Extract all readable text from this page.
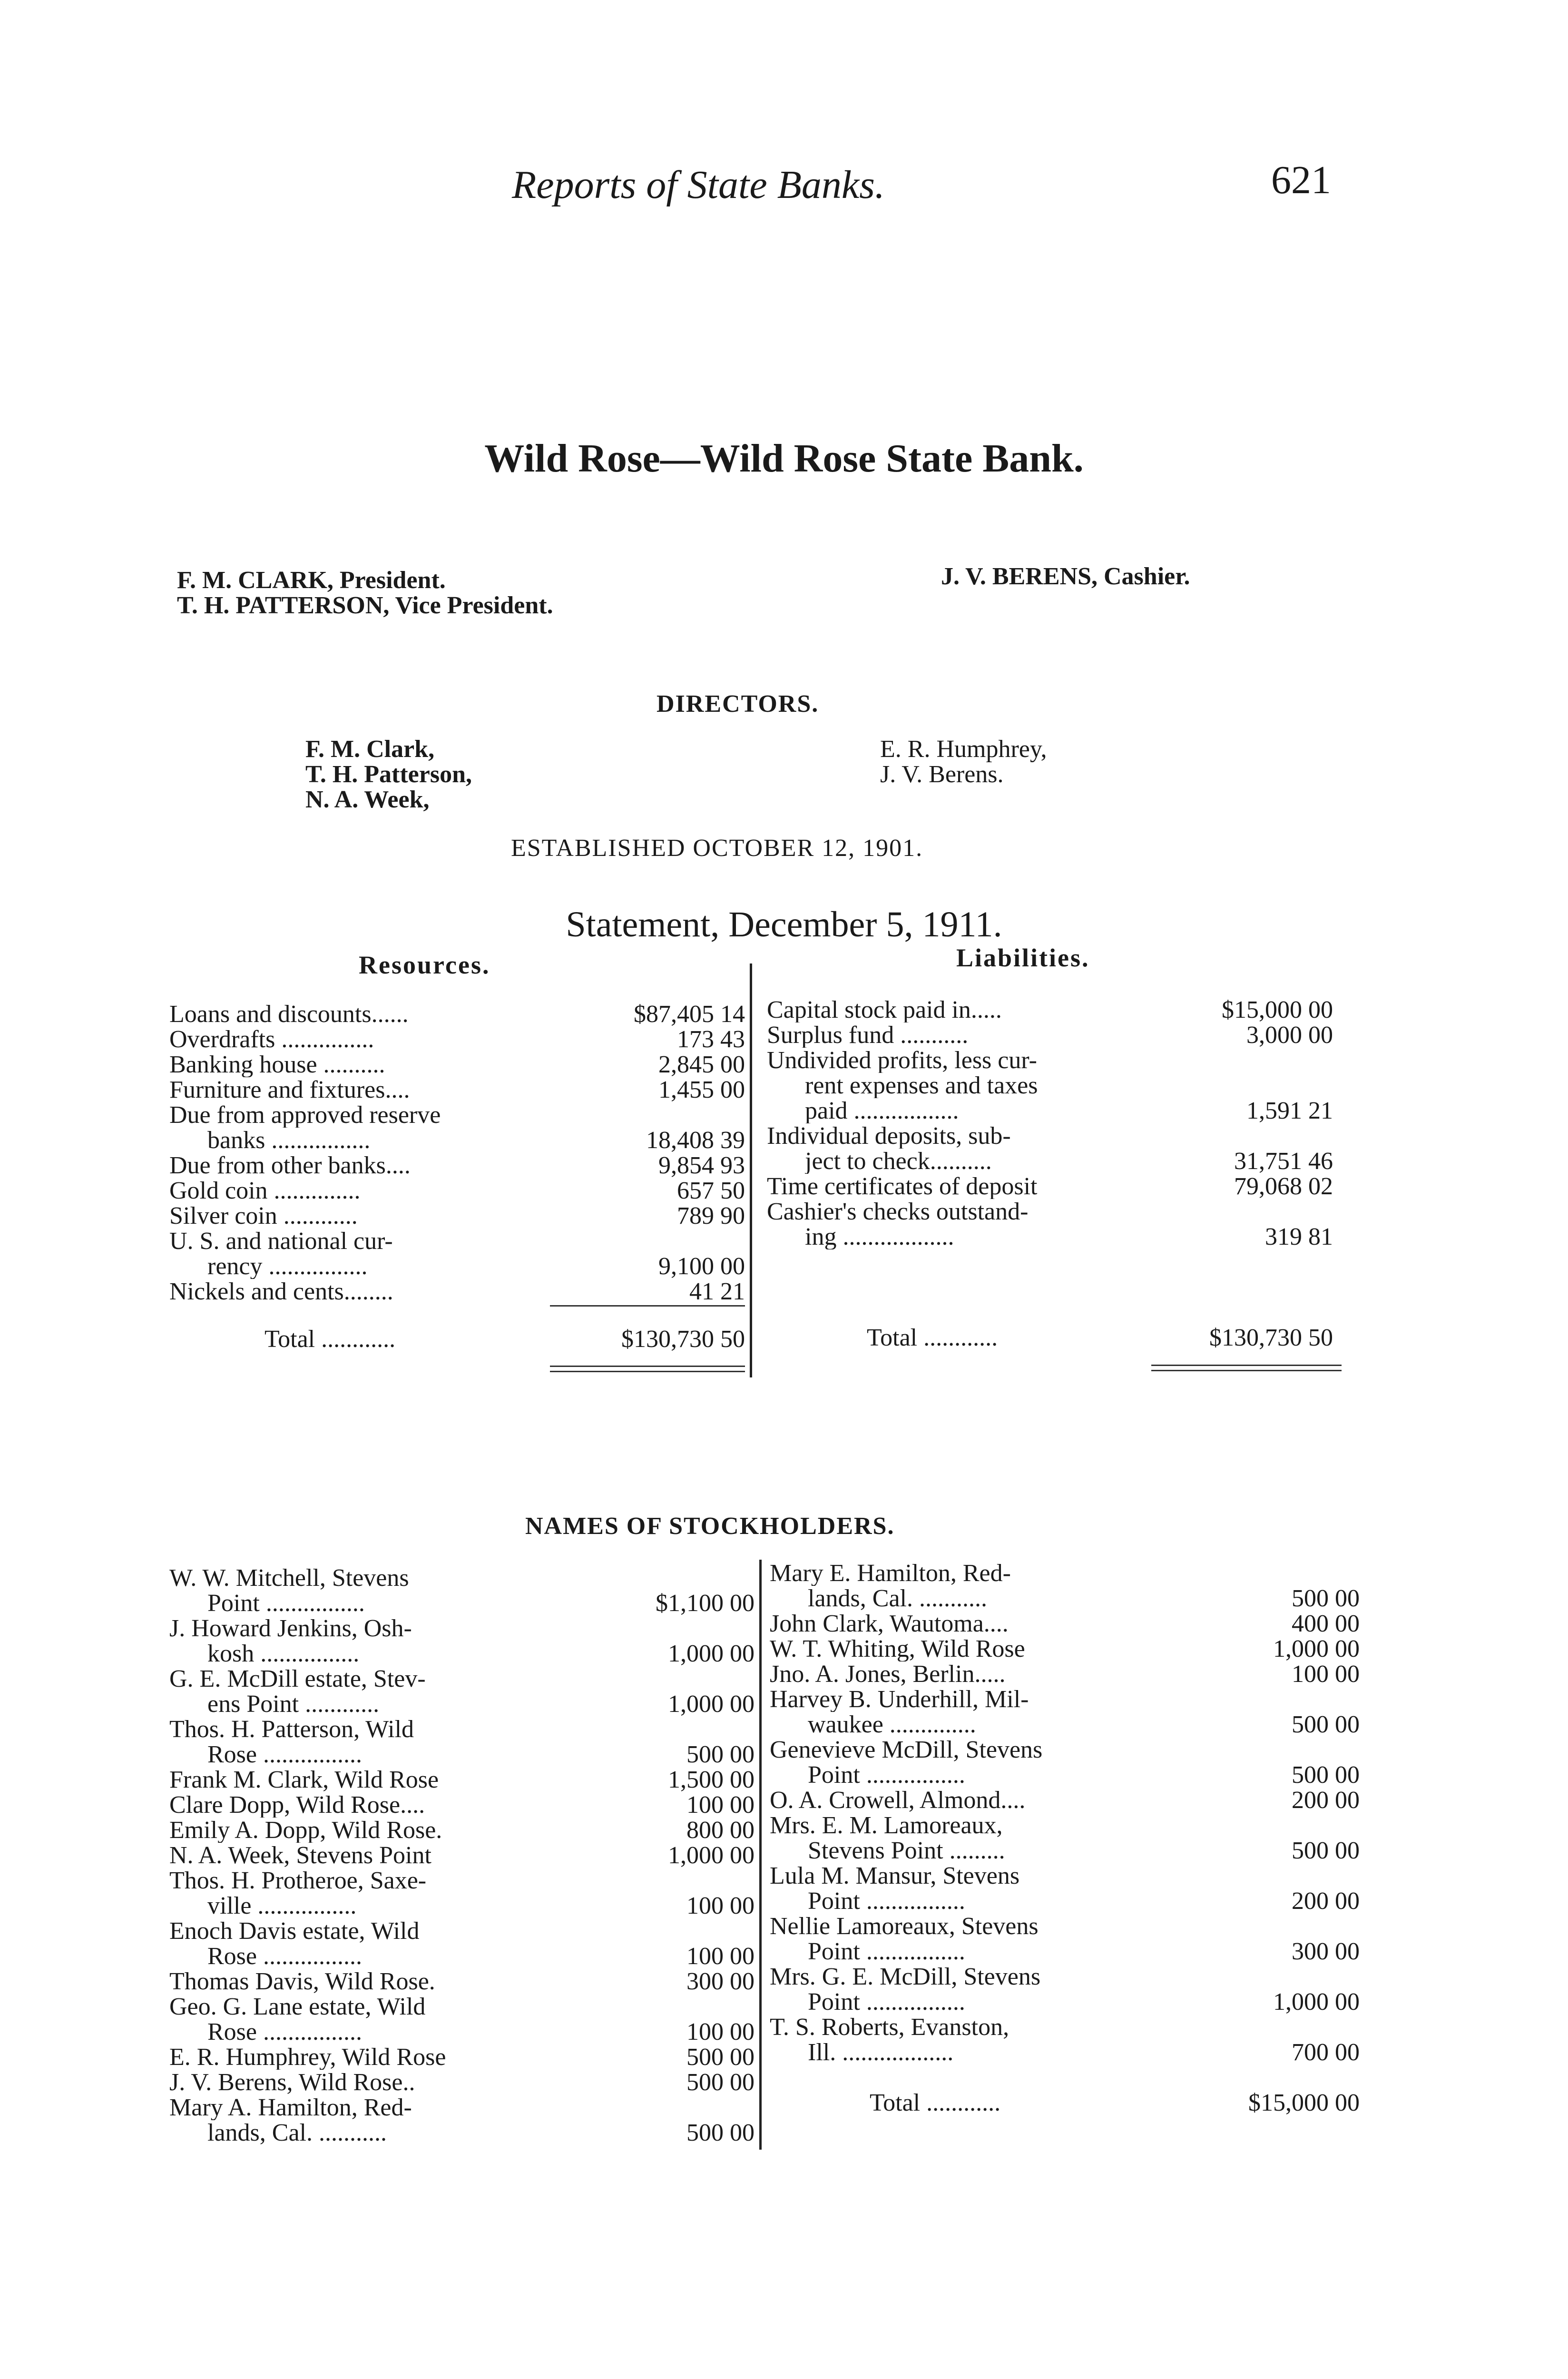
Reports of State Banks.	621
Wild Rose—Wild Rose State Bank.
F. M. CLARK, President.
T. H. PATTERSON, Vice President.
J. V. BERENS, Cashier.
DIRECTORS.
F. M. Clark,
T. H. Patterson,
N. A. Week,
E. R. Humphrey,
J. V. Berens.
ESTABLISHED OCTOBER 12, 1901.
Statement, December 5, 1911.
Resources.	Liabilities.
Loans and discounts......	$87,405 14
Overdrafts ...............	173 43
Banking house ..........	2,845 00
Furniture and fixtures....	1,455 00
Due from approved reserve
banks ................	18,408 39
Due from other banks....	9,854 93
Gold coin ..............	657 50
Silver coin ............	789 90
U. S. and national cur-
rency ................	9,100 00
Nickels and cents........	41 21
Total ............	$130,730 50
Capital stock paid in.....	$15,000 00
Surplus fund ...........	3,000 00
Undivided profits, less cur-
rent expenses and taxes
paid .................	1,591 21
Individual deposits, sub-
ject to check..........	31,751 46
Time certificates of deposit	79,068 02
Cashier's checks outstand-
ing ..................	319 81
Total ............	$130,730 50
NAMES OF STOCKHOLDERS.
W. W. Mitchell, Stevens
Point ................	$1,100 00
J. Howard Jenkins, Osh-
kosh ................	1,000 00
G. E. McDill estate, Stev-
ens Point ............	1,000 00
Thos. H. Patterson, Wild
Rose ................	500 00
Frank M. Clark, Wild Rose	1,500 00
Clare Dopp, Wild Rose....	100 00
Emily A. Dopp, Wild Rose.	800 00
N. A. Week, Stevens Point	1,000 00
Thos. H. Protheroe, Saxe-
ville ................	100 00
Enoch Davis estate, Wild
Rose ................	100 00
Thomas Davis, Wild Rose.	300 00
Geo. G. Lane estate, Wild
Rose ................	100 00
E. R. Humphrey, Wild Rose	500 00
J. V. Berens, Wild Rose..	500 00
Mary A. Hamilton, Red-
lands, Cal. ...........	500 00
Mary E. Hamilton, Red-
lands, Cal. ...........	500 00
John Clark, Wautoma....	400 00
W. T. Whiting, Wild Rose	1,000 00
Jno. A. Jones, Berlin.....	100 00
Harvey B. Underhill, Mil-
waukee ..............	500 00
Genevieve McDill, Stevens
Point ................	500 00
O. A. Crowell, Almond....	200 00
Mrs. E. M. Lamoreaux,
Stevens Point .........	500 00
Lula M. Mansur, Stevens
Point ................	200 00
Nellie Lamoreaux, Stevens
Point ................	300 00
Mrs. G. E. McDill, Stevens
Point ................	1,000 00
T. S. Roberts, Evanston,
Ill. ..................	700 00
Total ............	$15,000 00
